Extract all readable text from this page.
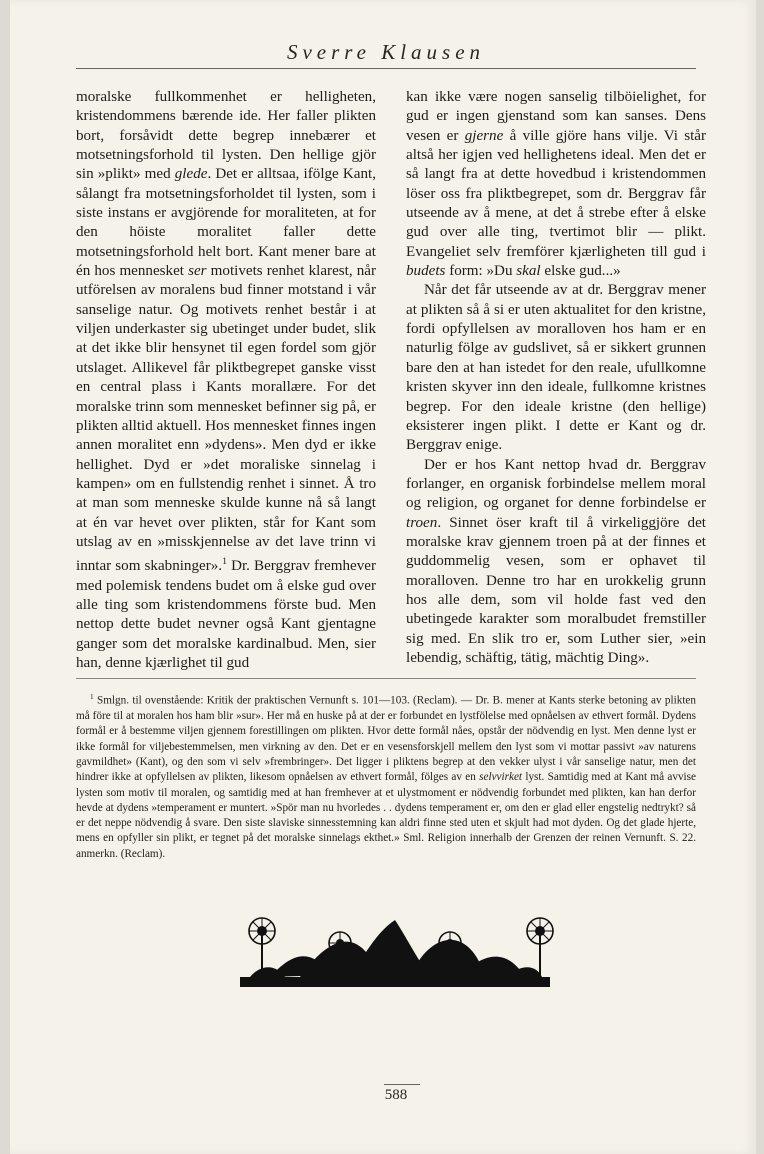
Sverre Klausen

moralske fullkommenhet er helligheten, kristendommens bærende ide. Her faller plikten bort, forsåvidt dette begrep innebærer et motsetningsforhold til lysten. Den hellige gjör sin »plikt» med glede. Det er alltsaa, ifölge Kant, sålangt fra motsetningsforholdet til lysten, som i siste instans er avgjörende for moraliteten, at for den höiste moralitet faller dette motsetningsforhold helt bort. Kant mener bare at én hos mennesket ser motivets renhet klarest, når utförelsen av moralens bud finner motstand i vår sanselige natur. Og motivets renhet består i at viljen underkaster sig ubetinget under budet, slik at det ikke blir hensynet til egen fordel som gjör utslaget. Allikevel får pliktbegrepet ganske visst en central plass i Kants morallære. For det moralske trinn som mennesket befinner sig på, er plikten alltid aktuell. Hos mennesket finnes ingen annen moralitet enn »dydens». Men dyd er ikke hellighet. Dyd er »det moraliske sinnelag i kampen» om en fullstendig renhet i sinnet. Å tro at man som menneske skulde kunne nå så langt at én var hevet over plikten, står for Kant som utslag av en »misskjennelse av det lave trinn vi inntar som skabninger».$^1$ Dr. Berggrav fremhever med polemisk tendens budet om å elske gud over alle ting som kristendommens förste bud. Men nettop dette budet nevner også Kant gjentagne ganger som det moralske kardinalbud. Men, sier han, denne kjærlighet til gud

kan ikke være nogen sanselig tilböielighet, for gud er ingen gjenstand som kan sanses. Dens vesen er gjerne å ville gjöre hans vilje. Vi står altså her igjen ved hellighetens ideal. Men det er så langt fra at dette hovedbud i kristendommen löser oss fra pliktbegrepet, som dr. Berggrav får utseende av å mene, at det å strebe efter å elske gud over alle ting, tvertimot blir — plikt. Evangeliet selv fremförer kjærligheten till gud i budets form: »Du skal elske gud...»

Når det får utseende av at dr. Berggrav mener at plikten så å si er uten aktualitet for den kristne, fordi opfyllelsen av moralloven hos ham er en naturlig fölge av gudslivet, så er sikkert grunnen bare den at han istedet for den reale, ufullkomne kristen skyver inn den ideale, fullkomne kristnes begrep. For den ideale kristne (den hellige) eksisterer ingen plikt. I dette er Kant og dr. Berggrav enige.

Der er hos Kant nettop hvad dr. Berggrav forlanger, en organisk forbindelse mellem moral og religion, og organet for denne forbindelse er troen. Sinnet öser kraft til å virkeliggjöre det moralske krav gjennem troen på at der finnes et guddommelig vesen, som er ophavet til moralloven. Denne tro har en urokkelig grunn hos alle dem, som vil holde fast ved den ubetingede karakter som moralbudet fremstiller sig med. En slik tro er, som Luther sier, »ein lebendig, schäftig, tätig, mächtig Ding».

$^1$ Smlgn. til ovenstående: Kritik der praktischen Vernunft s. 101—103. (Reclam). — Dr. B. mener at Kants sterke betoning av plikten må före til at moralen hos ham blir »sur». Her må en huske på at der er forbundet en lystfölelse med opnåelsen av ethvert formål. Dydens formål er å bestemme viljen gjennem forestillingen om plikten. Hvor dette formål nåes, opstår der nödvendig en lyst. Men denne lyst er ikke formål for viljebestemmelsen, men virkning av den. Det er en vesensforskjell mellem den lyst som vi mottar passivt »av naturens gavmildhet» (Kant), og den som vi selv »frembringer». Det ligger i pliktens begrep at den vekker ulyst i vår sanselige natur, men det hindrer ikke at opfyllelsen av plikten, likesom opnåelsen av ethvert formål, fölges av en selvvirket lyst. Samtidig med at Kant må avvise lysten som motiv til moralen, og samtidig med at han fremhever at et ulystmoment er nödvendig forbundet med plikten, kan han derfor hevde at dydens »temperament er muntert. »Spör man nu hvorledes . . dydens temperament er, om den er glad eller engstelig nedtrykt? så er det neppe nödvendig å svare. Den siste slaviske sinnesstemning kan aldri finne sted uten et skjult had mot dyden. Og det glade hjerte, mens en opfyller sin plikt, er tegnet på det moralske sinnelags ekthet.» Sml. Religion innerhalb der Grenzen der reinen Vernunft. S. 22. anmerkn. (Reclam).

588
